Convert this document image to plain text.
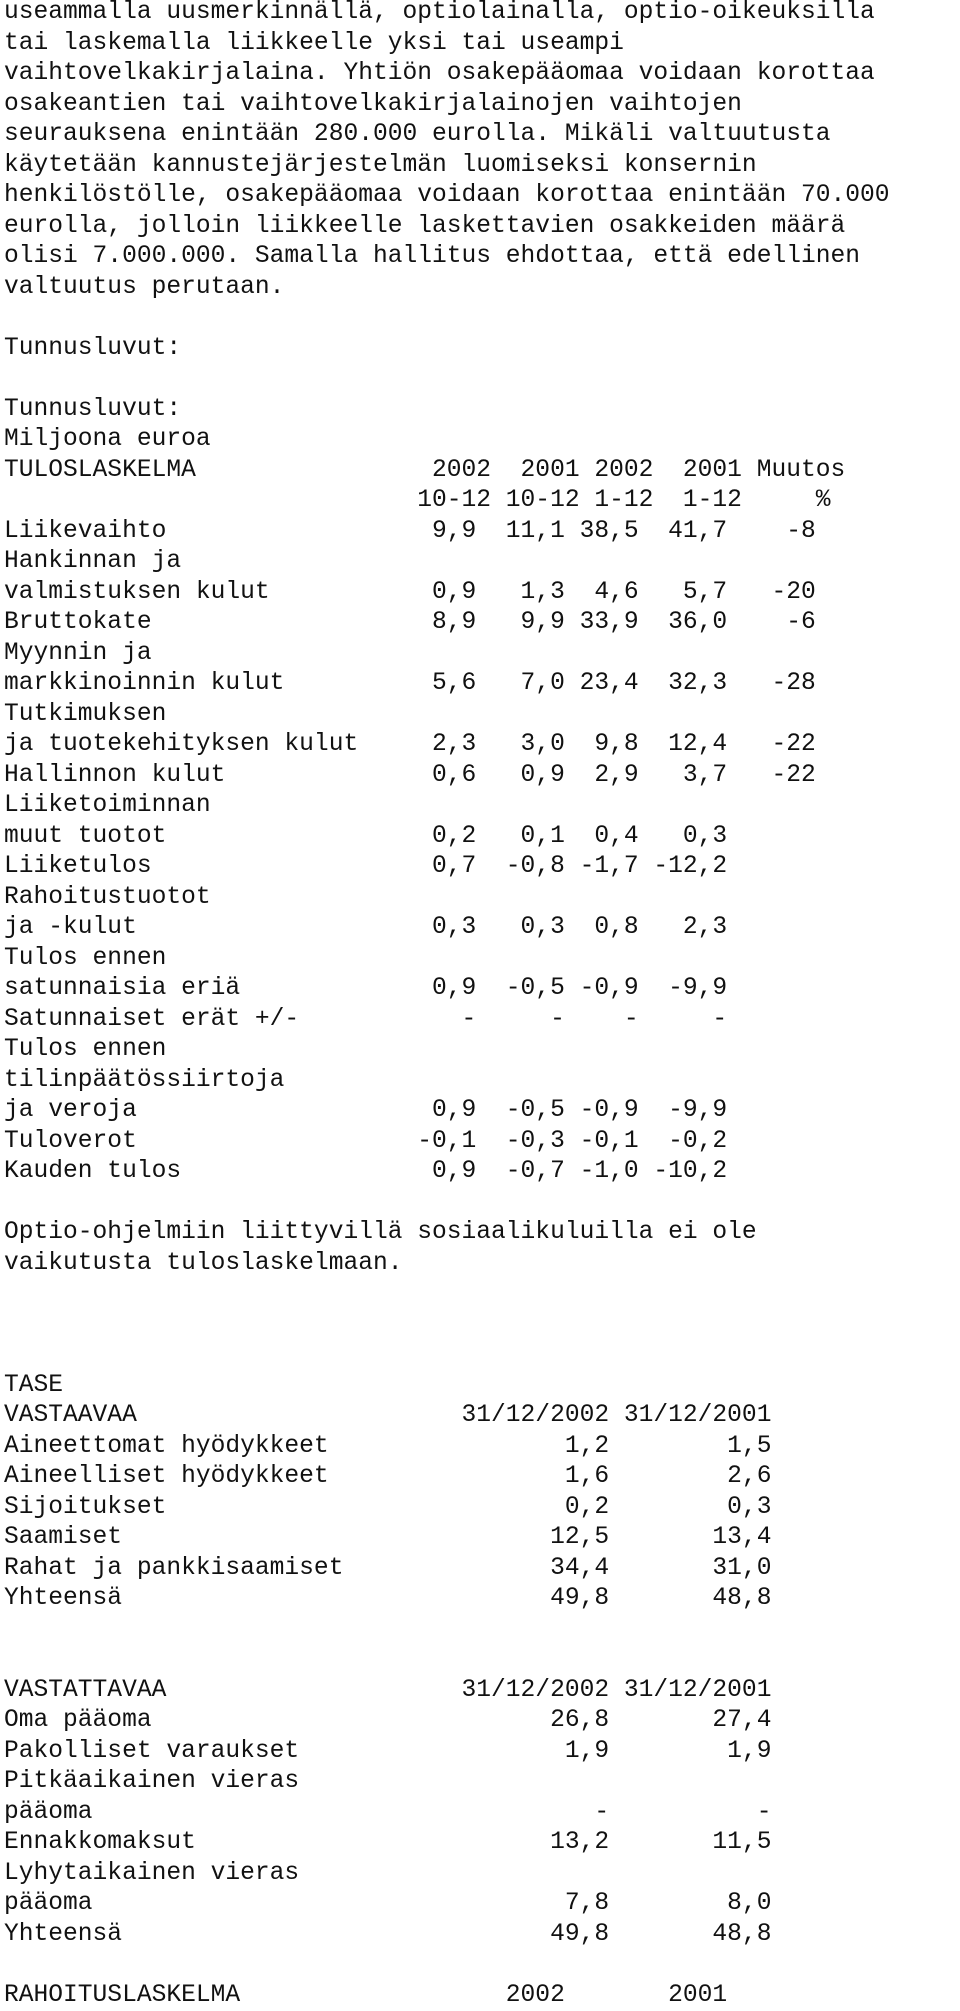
useammalla uusmerkinnällä, optiolainalla, optio-oikeuksilla
tai laskemalla liikkeelle yksi tai useampi
vaihtovelkakirjalaina. Yhtiön osakepääomaa voidaan korottaa
osakeantien tai vaihtovelkakirjalainojen vaihtojen
seurauksena enintään 280.000 eurolla. Mikäli valtuutusta
käytetään kannustejärjestelmän luomiseksi konsernin
henkilöstölle, osakepääomaa voidaan korottaa enintään 70.000
eurolla, jolloin liikkeelle laskettavien osakkeiden määrä
olisi 7.000.000. Samalla hallitus ehdottaa, että edellinen
valtuutus perutaan.
Tunnusluvut:
Tunnusluvut:
Miljoona euroa
TULOSLASKELMA                2002  2001 2002  2001 Muutos
10-12 10-12 1-12  1-12     %
Liikevaihto                  9,9  11,1 38,5  41,7    -8
Hankinnan ja
valmistuksen kulut           0,9   1,3  4,6   5,7   -20
Bruttokate                   8,9   9,9 33,9  36,0    -6
Myynnin ja
markkinoinnin kulut          5,6   7,0 23,4  32,3   -28
Tutkimuksen
ja tuotekehityksen kulut     2,3   3,0  9,8  12,4   -22
Hallinnon kulut              0,6   0,9  2,9   3,7   -22
Liiketoiminnan
muut tuotot                  0,2   0,1  0,4   0,3
Liiketulos                   0,7  -0,8 -1,7 -12,2
Rahoitustuotot
ja -kulut                    0,3   0,3  0,8   2,3
Tulos ennen
satunnaisia eriä             0,9  -0,5 -0,9  -9,9
Satunnaiset erät +/-           -     -    -     -
Tulos ennen
tilinpäätössiirtoja
ja veroja                    0,9  -0,5 -0,9  -9,9
Tuloverot                   -0,1  -0,3 -0,1  -0,2
Kauden tulos                 0,9  -0,7 -1,0 -10,2
Optio-ohjelmiin liittyvillä sosiaalikuluilla ei ole
vaikutusta tuloslaskelmaan.
TASE
VASTAAVAA                      31/12/2002 31/12/2001
Aineettomat hyödykkeet                1,2        1,5
Aineelliset hyödykkeet                1,6        2,6
Sijoitukset                           0,2        0,3
Saamiset                             12,5       13,4
Rahat ja pankkisaamiset              34,4       31,0
Yhteensä                             49,8       48,8
VASTATTAVAA                    31/12/2002 31/12/2001
Oma pääoma                           26,8       27,4
Pakolliset varaukset                  1,9        1,9
Pitkäaikainen vieras
pääoma                                  -          -
Ennakkomaksut                        13,2       11,5
Lyhytaikainen vieras
pääoma                                7,8        8,0
Yhteensä                             49,8       48,8
RAHOITUSLASKELMA                  2002       2001
